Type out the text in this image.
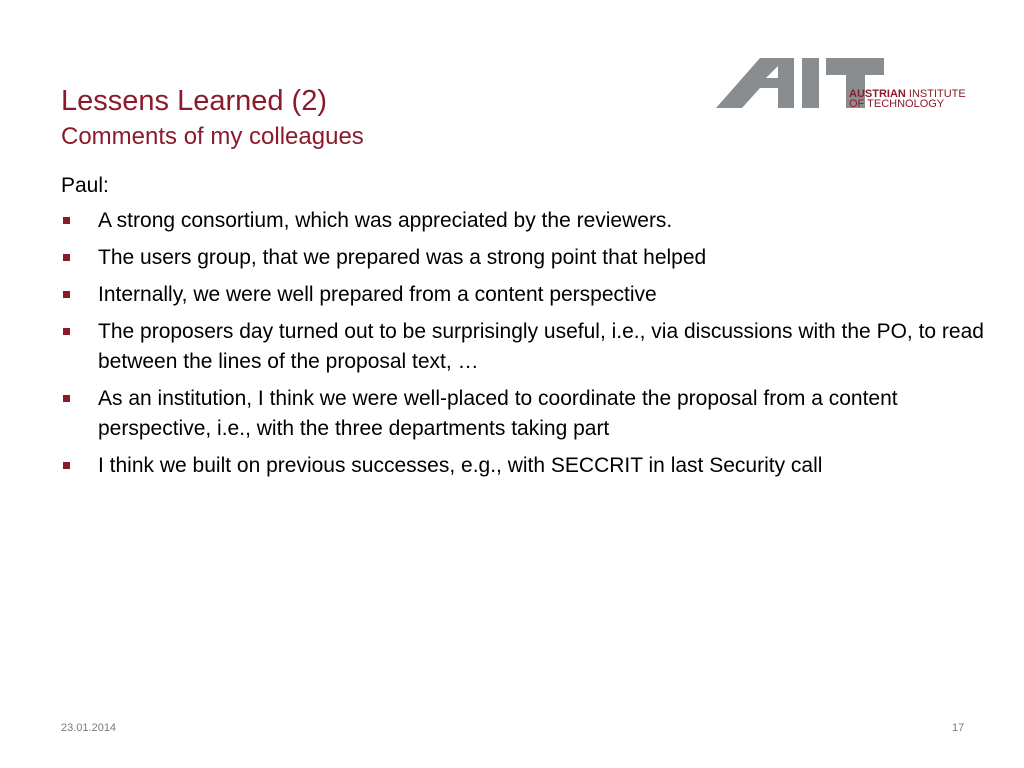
Lessens Learned (2)
Comments of my colleagues
AUSTRIAN INSTITUTE
OF TECHNOLOGY

Paul:

A strong consortium, which was appreciated by the reviewers.
The users group, that we prepared was a strong point that helped
Internally, we were well prepared from a content perspective
The proposers day turned out to be surprisingly useful, i.e., via discussions with the PO, to read between the lines of the proposal text, …
As an institution, I think we were well-placed to coordinate the proposal from a content perspective, i.e., with the three departments taking part
I think we built on previous successes, e.g., with SECCRIT in last Security call
23.01.2014	17
